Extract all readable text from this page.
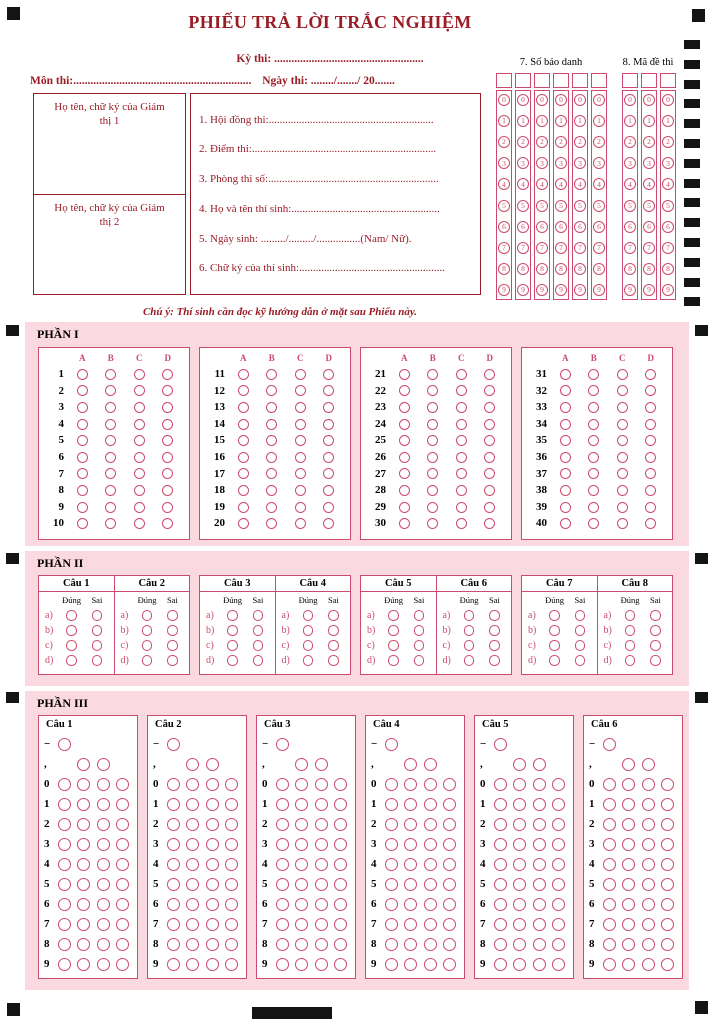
PHIẾU TRẢ LỜI TRẮC NGHIỆM
Kỳ thi: ....................................................
Môn thi:.............................................................. Ngày thi: ......../......./ 20.......
Họ tên, chữ ký của Giám thị 1
Họ tên, chữ ký của Giám thị 2
1. Hội đồng thi:............................................................
2. Điểm thi:...................................................................
3. Phòng thi số:..............................................................
4. Họ và tên thí sinh:......................................................
5. Ngày sinh: ........./........./................(Nam/ Nữ).
6. Chữ ký của thí sinh:.....................................................
7. Số báo danh	8. Mã đề thi
0
1
2
3
4
5
6
7
8
9
0
1
2
3
4
5
6
7
8
9
0
1
2
3
4
5
6
7
8
9
0
1
2
3
4
5
6
7
8
9
0
1
2
3
4
5
6
7
8
9
0
1
2
3
4
5
6
7
8
9
0
1
2
3
4
5
6
7
8
9
0
1
2
3
4
5
6
7
8
9
0
1
2
3
4
5
6
7
8
9
Chú ý: Thí sinh cần đọc kỹ hướng dẫn ở mặt sau Phiếu này.
PHẦN I
A	B	C	D
1
2
3
4
5
6
7
8
9
10
A	B	C	D
11
12
13
14
15
16
17
18
19
20
A	B	C	D
21
22
23
24
25
26
27
28
29
30
A	B	C	D
31
32
33
34
35
36
37
38
39
40
PHẦN II
Câu 1
Đúng	Sai
a)
b)
c)
d)
Câu 2
Đúng	Sai
a)
b)
c)
d)
Câu 3
Đúng	Sai
a)
b)
c)
d)
Câu 4
Đúng	Sai
a)
b)
c)
d)
Câu 5
Đúng	Sai
a)
b)
c)
d)
Câu 6
Đúng	Sai
a)
b)
c)
d)
Câu 7
Đúng	Sai
a)
b)
c)
d)
Câu 8
Đúng	Sai
a)
b)
c)
d)
PHẦN III
Câu 1
−
,
0
1
2
3
4
5
6
7
8
9
Câu 2
−
,
0
1
2
3
4
5
6
7
8
9
Câu 3
−
,
0
1
2
3
4
5
6
7
8
9
Câu 4
−
,
0
1
2
3
4
5
6
7
8
9
Câu 5
−
,
0
1
2
3
4
5
6
7
8
9
Câu 6
−
,
0
1
2
3
4
5
6
7
8
9
